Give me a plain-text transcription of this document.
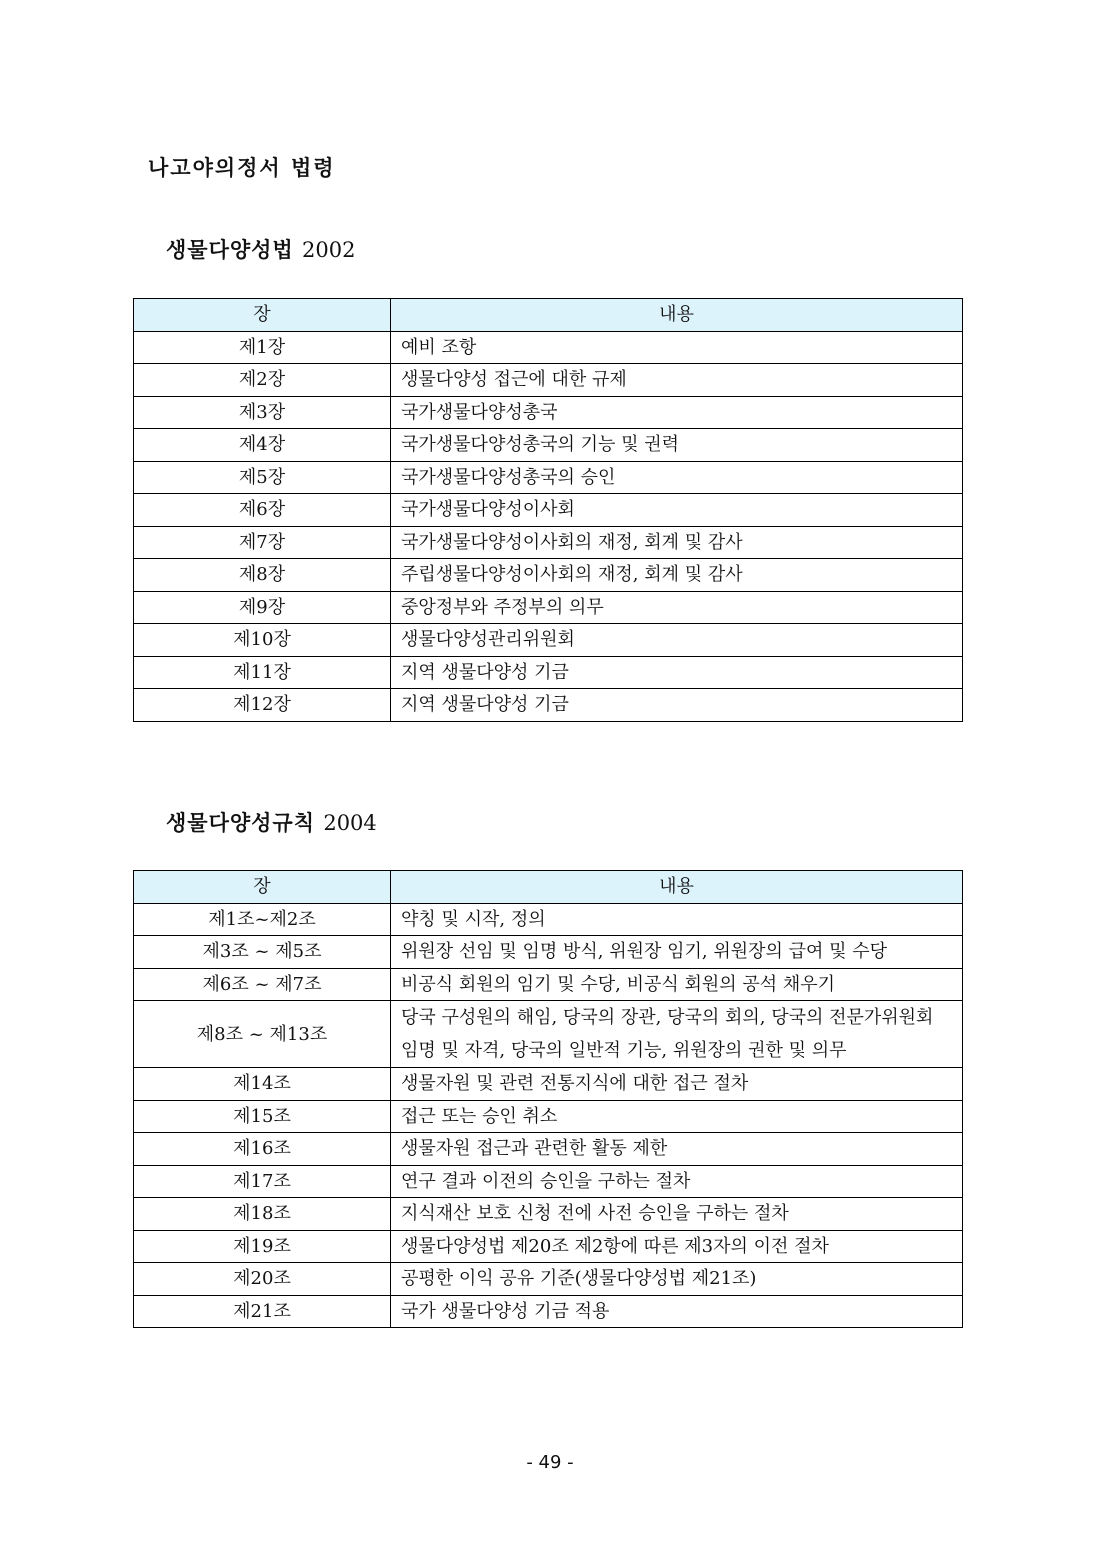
나고야의정서 법령
생물다양성법 2002
장	내용
제1장	예비 조항
제2장	생물다양성 접근에 대한 규제
제3장	국가생물다양성총국
제4장	국가생물다양성총국의 기능 및 권력
제5장	국가생물다양성총국의 승인
제6장	국가생물다양성이사회
제7장	국가생물다양성이사회의 재정, 회계 및 감사
제8장	주립생물다양성이사회의 재정, 회계 및 감사
제9장	중앙정부와 주정부의 의무
제10장	생물다양성관리위원회
제11장	지역 생물다양성 기금
제12장	지역 생물다양성 기금
생물다양성규칙 2004
장	내용
제1조~제2조	약칭 및 시작, 정의
제3조 ~ 제5조	위원장 선임 및 임명 방식, 위원장 임기, 위원장의 급여 및 수당
제6조 ~ 제7조	비공식 회원의 임기 및 수당, 비공식 회원의 공석 채우기
제8조 ~ 제13조	당국 구성원의 해임, 당국의 장관, 당국의 회의, 당국의 전문가위원회 임명 및 자격, 당국의 일반적 기능, 위원장의 권한 및 의무
제14조	생물자원 및 관련 전통지식에 대한 접근 절차
제15조	접근 또는 승인 취소
제16조	생물자원 접근과 관련한 활동 제한
제17조	연구 결과 이전의 승인을 구하는 절차
제18조	지식재산 보호 신청 전에 사전 승인을 구하는 절차
제19조	생물다양성법 제20조 제2항에 따른 제3자의 이전 절차
제20조	공평한 이익 공유 기준(생물다양성법 제21조)
제21조	국가 생물다양성 기금 적용

- 49 -
